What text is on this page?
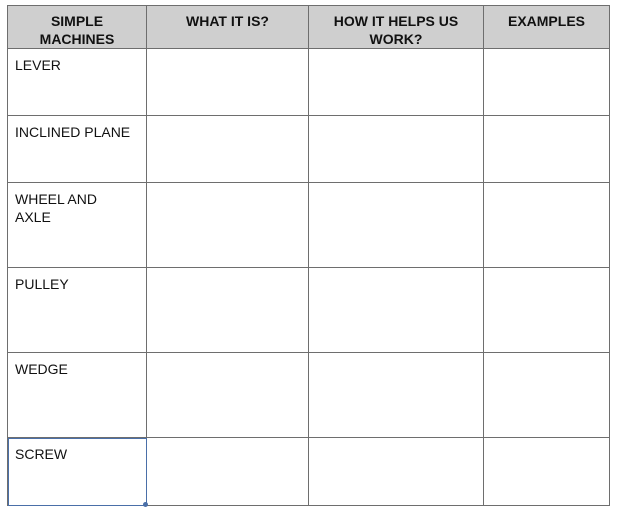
SIMPLE MACHINES	WHAT IT IS?	HOW IT HELPS US WORK?	EXAMPLES
LEVER			
INCLINED PLANE			
WHEEL AND AXLE			
PULLEY			
WEDGE			
SCREW			
